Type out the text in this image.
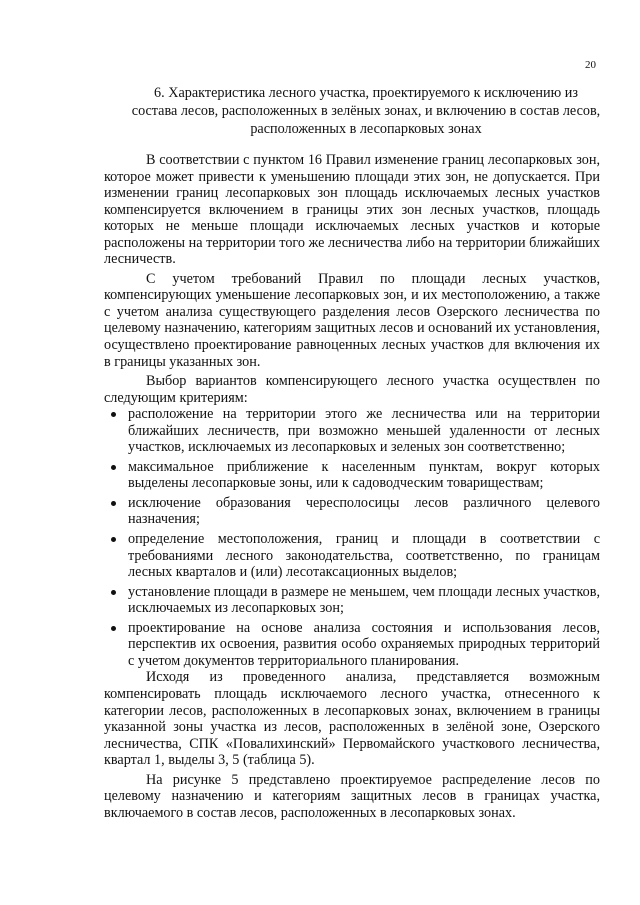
20
6. Характеристика лесного участка, проектируемого к исключению из состава лесов, расположенных в зелёных зонах, и включению в состав лесов, расположенных в лесопарковых зонах

В соответствии с пунктом 16 Правил изменение границ лесопарковых зон, которое может привести к уменьшению площади этих зон, не допускается. При изменении границ лесопарковых зон площадь исключаемых лесных участков компенсируется включением в границы этих зон лесных участков, площадь которых не меньше площади исключаемых лесных участков и которые расположены на территории того же лесничества либо на территории ближайших лесничеств.

С учетом требований Правил по площади лесных участков, компенсирующих уменьшение лесопарковых зон, и их местоположению, а также с учетом анализа существующего разделения лесов Озерского лесничества по целевому назначению, категориям защитных лесов и оснований их установления, осуществлено проектирование равноценных лесных участков для включения их в границы указанных зон.

Выбор вариантов компенсирующего лесного участка осуществлен по следующим критериям:

расположение на территории этого же лесничества или на территории ближайших лесничеств, при возможно меньшей удаленности от лесных участков, исключаемых из лесопарковых и зеленых зон соответственно;
максимальное приближение к населенным пунктам, вокруг которых выделены лесопарковые зоны, или к садоводческим товариществам;
исключение образования чересполосицы лесов различного целевого назначения;
определение местоположения, границ и площади в соответствии с требованиями лесного законодательства, соответственно, по границам лесных кварталов и (или) лесотаксационных выделов;
установление площади в размере не меньшем, чем площади лесных участков, исключаемых из лесопарковых зон;
проектирование на основе анализа состояния и использования лесов, перспектив их освоения, развития особо охраняемых природных территорий с учетом документов территориального планирования.

Исходя из проведенного анализа, представляется возможным компенсировать площадь исключаемого лесного участка, отнесенного к категории лесов, расположенных в лесопарковых зонах, включением в границы указанной зоны участка из лесов, расположенных в зелёной зоне, Озерского лесничества, СПК «Повалихинский» Первомайского участкового лесничества, квартал 1, выделы 3, 5 (таблица 5).

На рисунке 5 представлено проектируемое распределение лесов по целевому назначению и категориям защитных лесов в границах участка, включаемого в состав лесов, расположенных в лесопарковых зонах.
